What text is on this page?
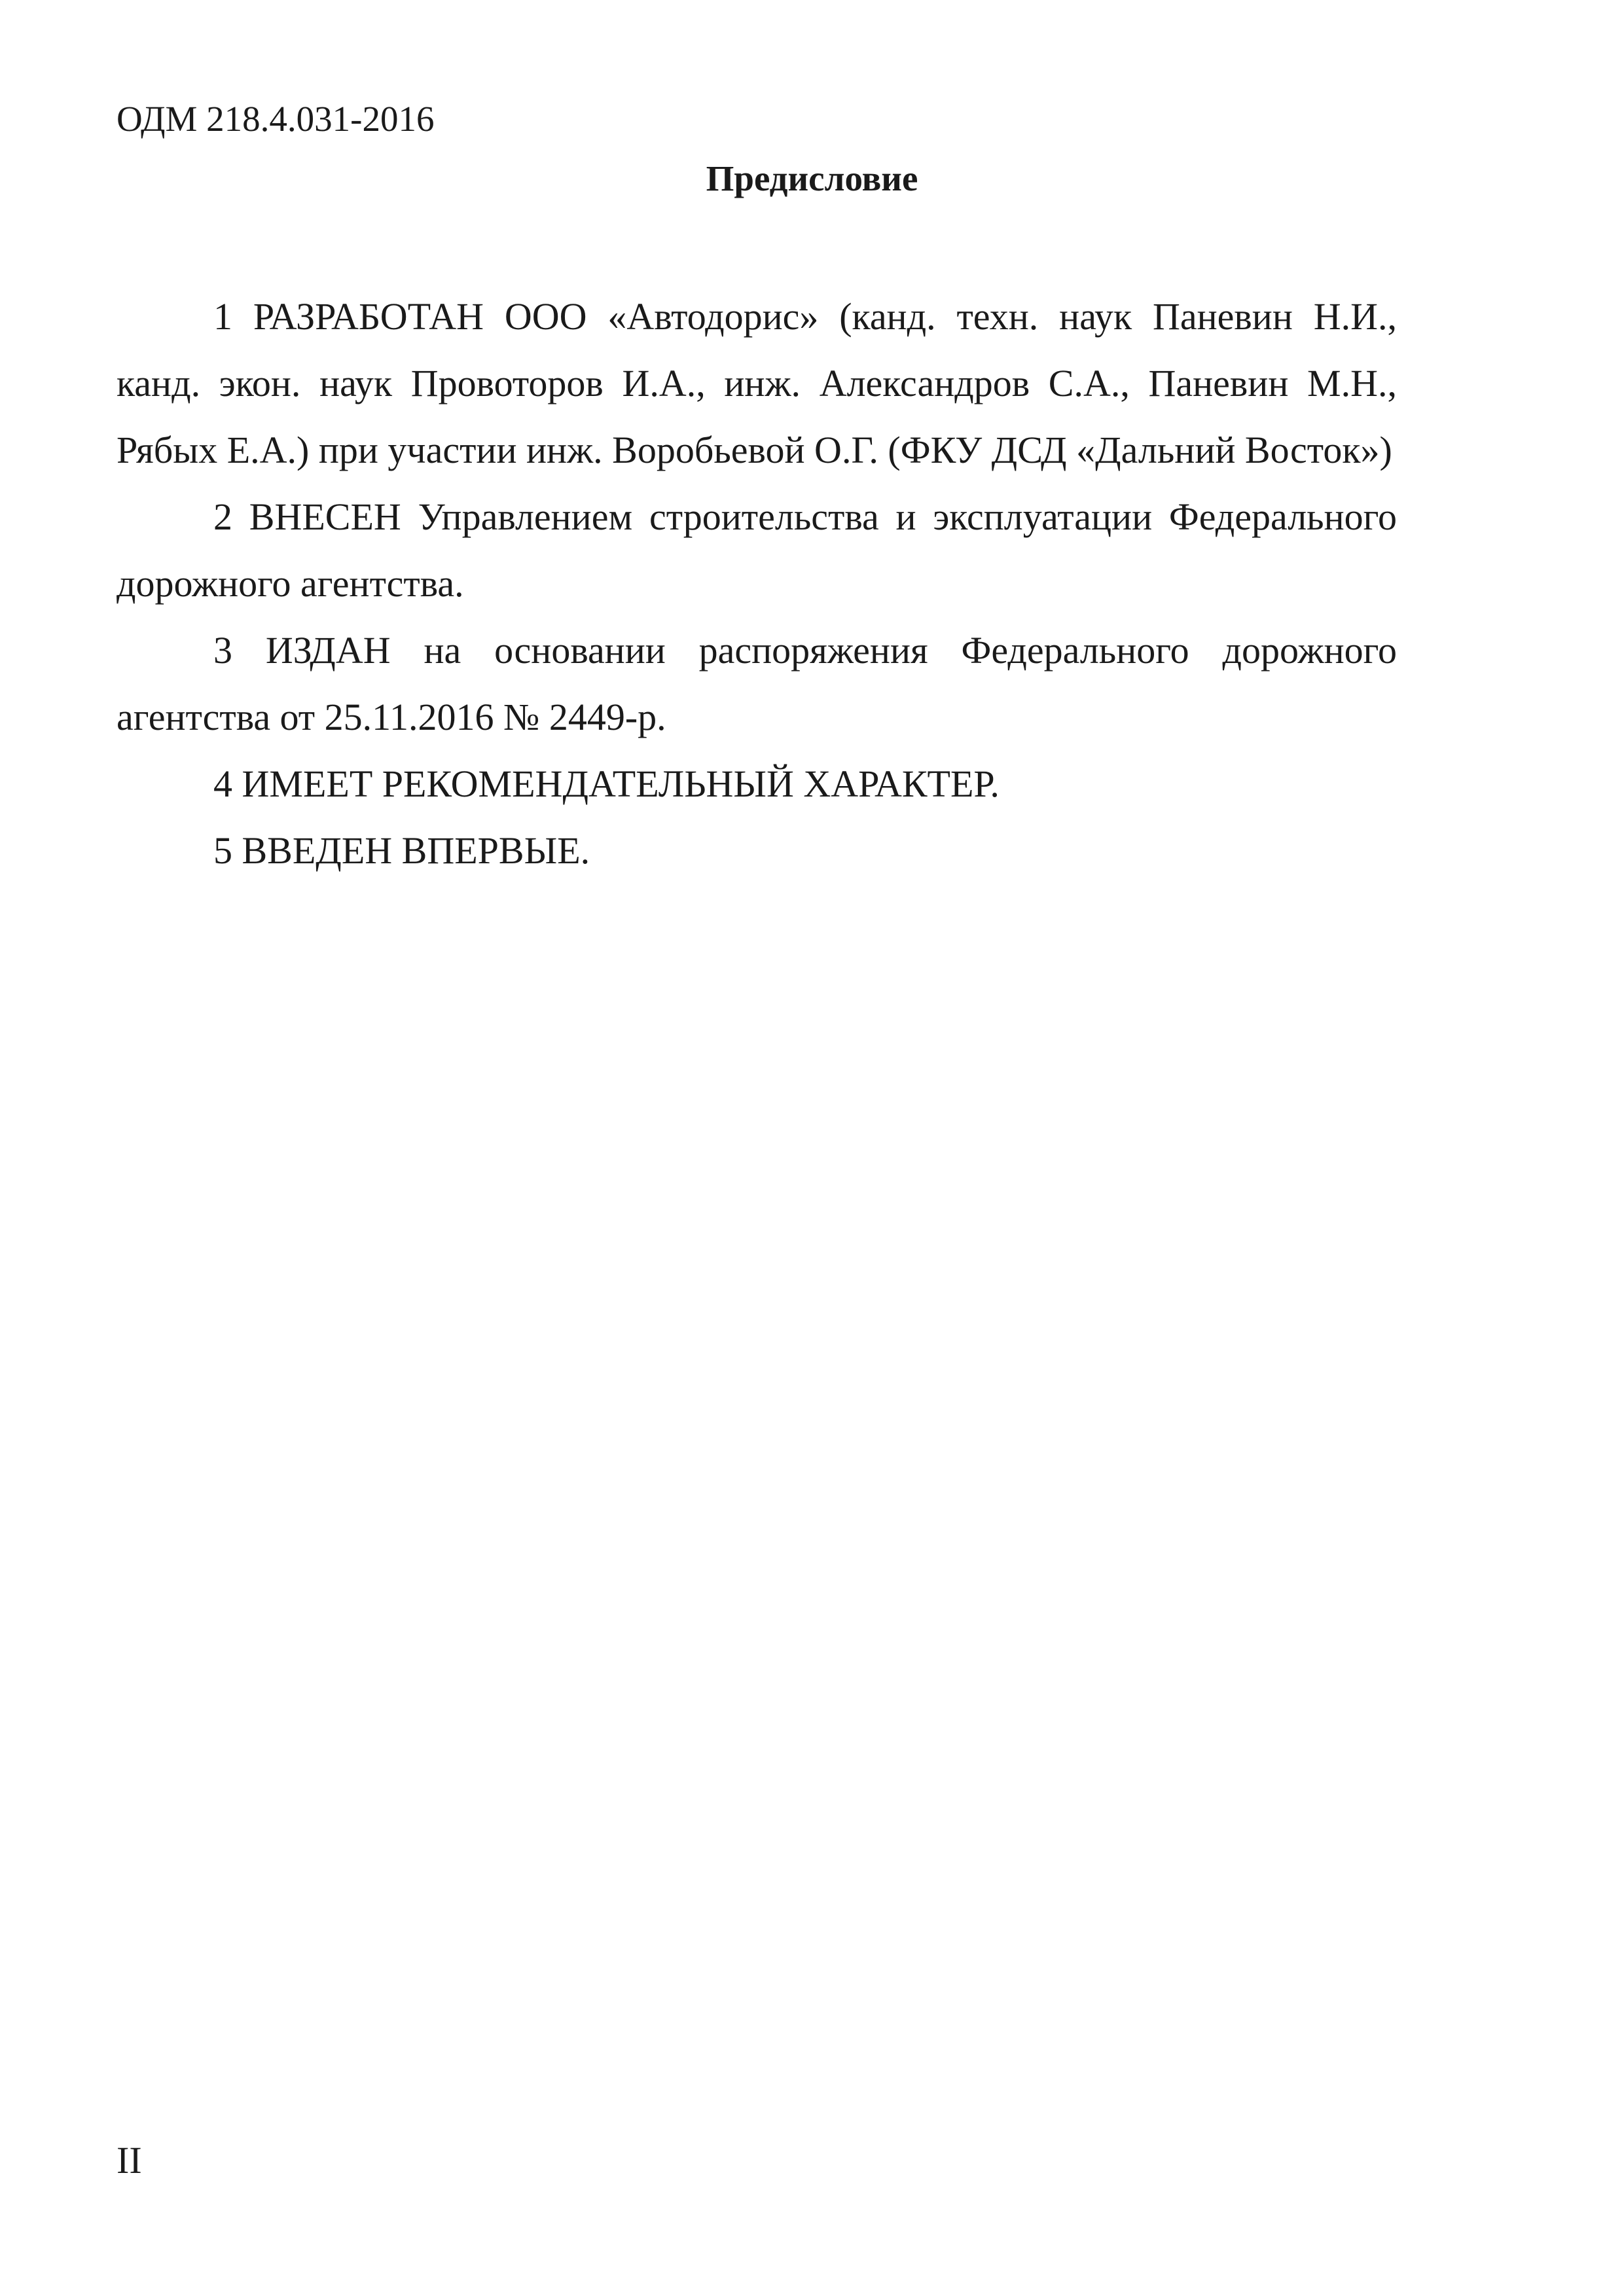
ОДМ 218.4.031-2016
Предисловие

1 РАЗРАБОТАН ООО «Автодорис» (канд. техн. наук Паневин Н.И., канд. экон. наук Провоторов И.А., инж. Александров С.А., Паневин М.Н., Рябых Е.А.) при участии инж. Воробьевой О.Г. (ФКУ ДСД «Дальний Восток»)

2 ВНЕСЕН Управлением строительства и эксплуатации Федерального дорожного агентства.

3 ИЗДАН на основании распоряжения Федерального дорожного агентства от 25.11.2016 № 2449-р.

4 ИМЕЕТ РЕКОМЕНДАТЕЛЬНЫЙ ХАРАКТЕР.

5 ВВЕДЕН ВПЕРВЫЕ.

II
